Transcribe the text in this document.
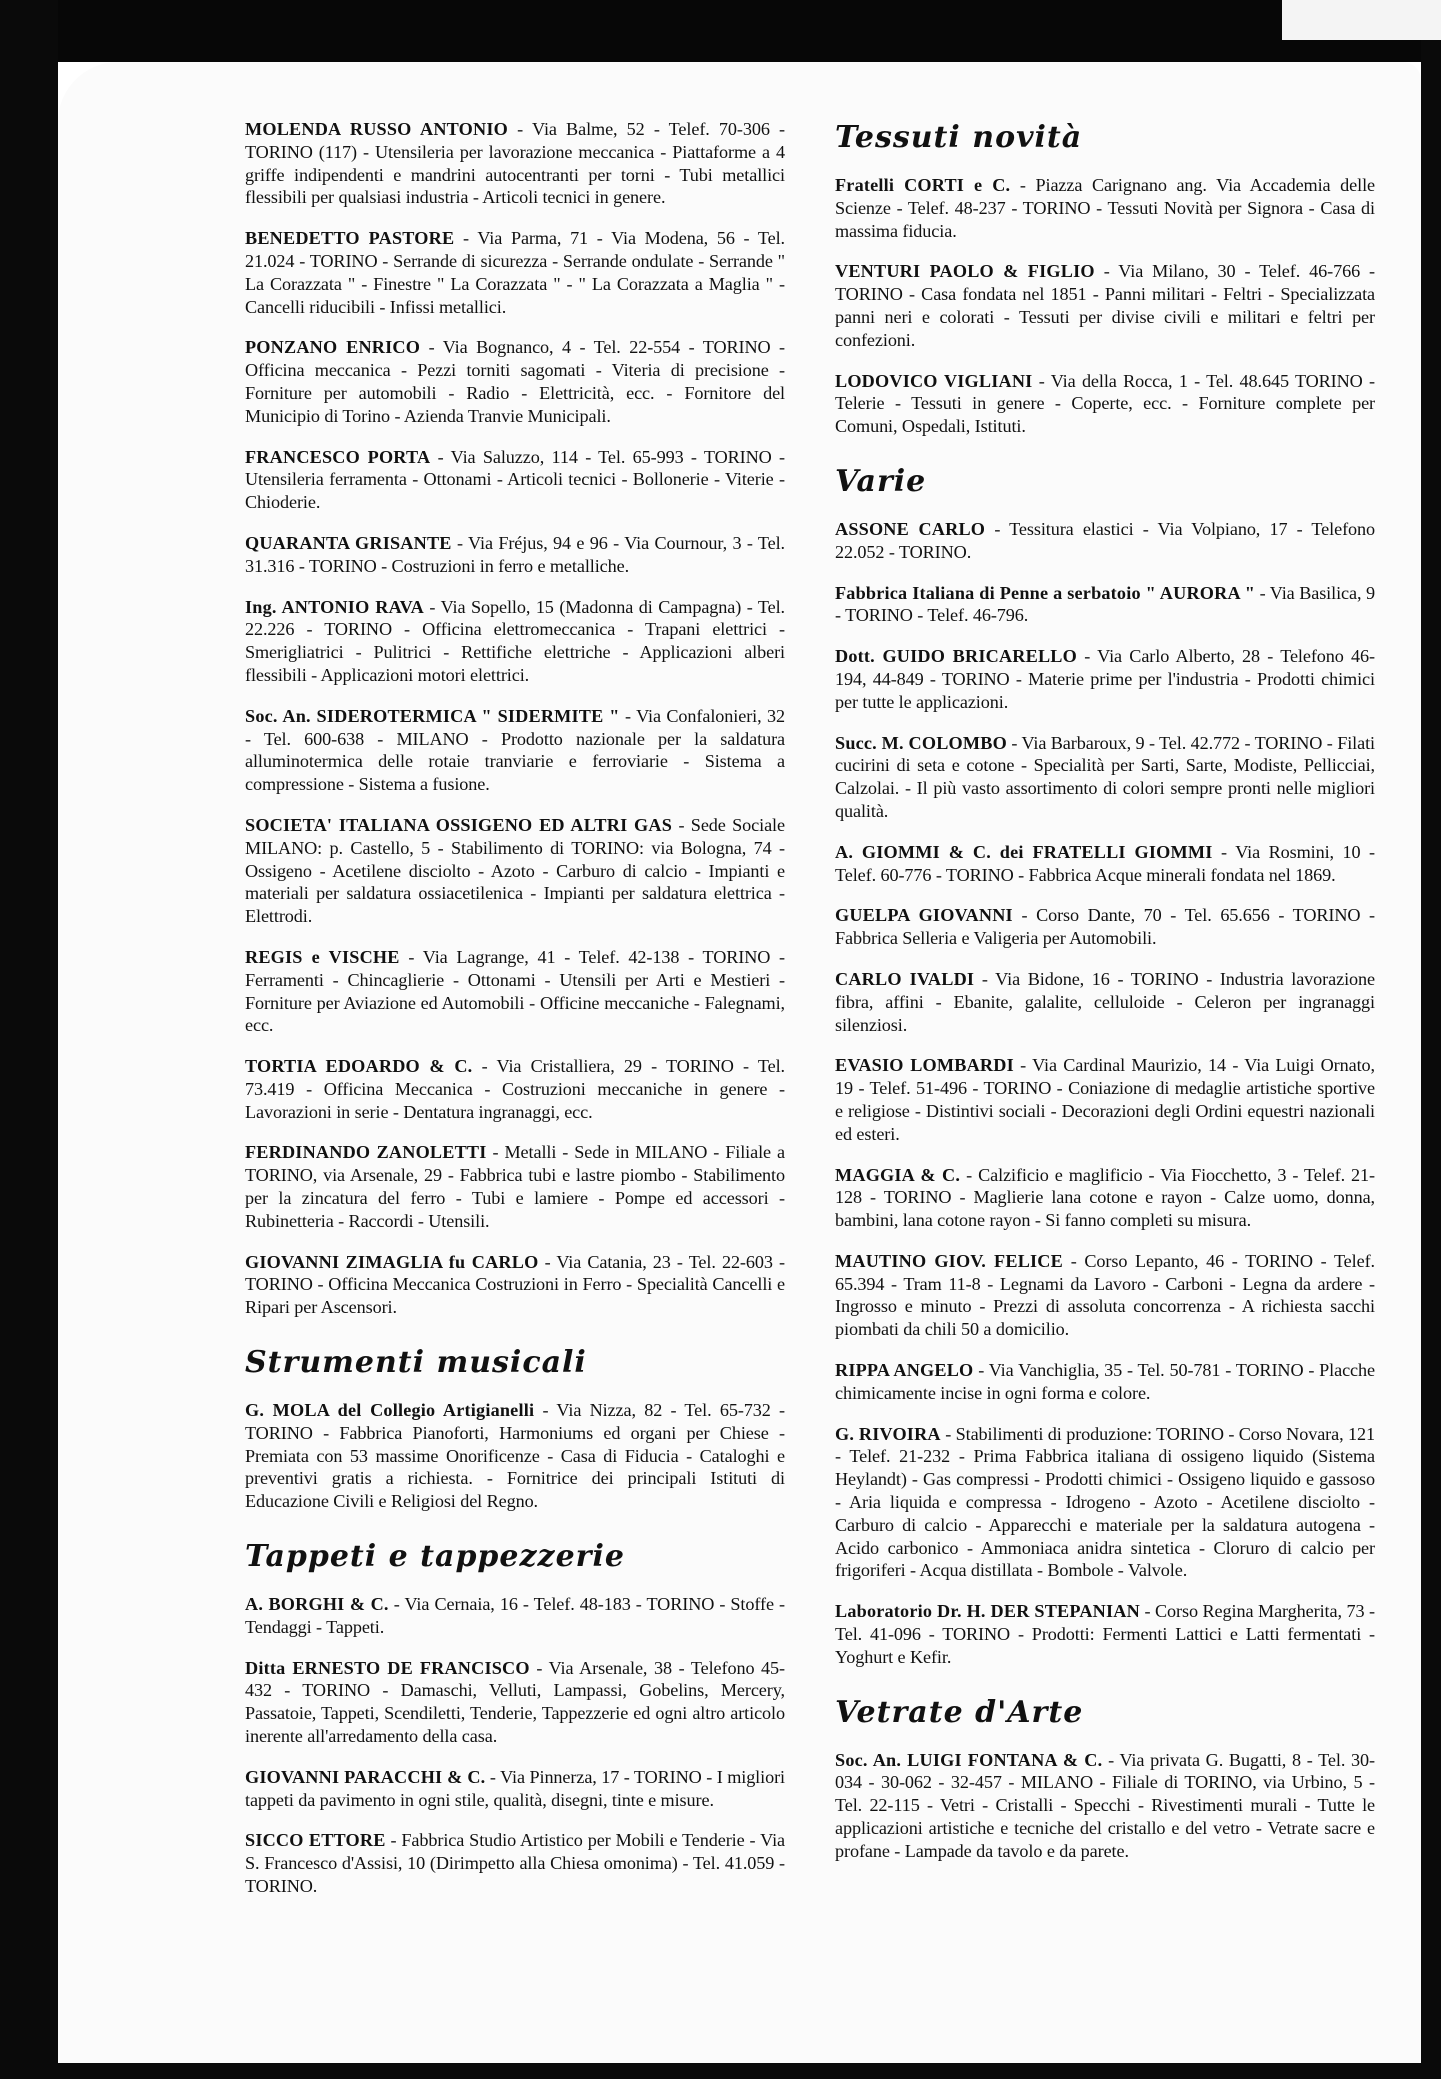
MOLENDA RUSSO ANTONIO - Via Balme, 52 - Telef. 70-306 - TORINO (117) - Utensileria per lavorazione meccanica - Piattaforme a 4 griffe indipendenti e mandrini autocentranti per torni - Tubi metallici flessibili per qualsiasi industria - Articoli tecnici in genere.

BENEDETTO PASTORE - Via Parma, 71 - Via Modena, 56 - Tel. 21.024 - TORINO - Serrande di sicurezza - Serrande ondulate - Serrande " La Corazzata " - Finestre " La Corazzata " - " La Corazzata a Maglia " - Cancelli riducibili - Infissi metallici.

PONZANO ENRICO - Via Bognanco, 4 - Tel. 22-554 - TORINO - Officina meccanica - Pezzi torniti sagomati - Viteria di precisione - Forniture per automobili - Radio - Elettricità, ecc. - Fornitore del Municipio di Torino - Azienda Tranvie Municipali.

FRANCESCO PORTA - Via Saluzzo, 114 - Tel. 65-993 - TORINO - Utensileria ferramenta - Ottonami - Articoli tecnici - Bollonerie - Viterie - Chioderie.

QUARANTA GRISANTE - Via Fréjus, 94 e 96 - Via Cournour, 3 - Tel. 31.316 - TORINO - Costruzioni in ferro e metalliche.

Ing. ANTONIO RAVA - Via Sopello, 15 (Madonna di Campagna) - Tel. 22.226 - TORINO - Officina elettromeccanica - Trapani elettrici - Smerigliatrici - Pulitrici - Rettifiche elettriche - Applicazioni alberi flessibili - Applicazioni motori elettrici.

Soc. An. SIDEROTERMICA " SIDERMITE " - Via Confalonieri, 32 - Tel. 600-638 - MILANO - Prodotto nazionale per la saldatura alluminotermica delle rotaie tranviarie e ferroviarie - Sistema a compressione - Sistema a fusione.

SOCIETA' ITALIANA OSSIGENO ED ALTRI GAS - Sede Sociale MILANO: p. Castello, 5 - Stabilimento di TORINO: via Bologna, 74 - Ossigeno - Acetilene disciolto - Azoto - Carburo di calcio - Impianti e materiali per saldatura ossiacetilenica - Impianti per saldatura elettrica - Elettrodi.

REGIS e VISCHE - Via Lagrange, 41 - Telef. 42-138 - TORINO - Ferramenti - Chincaglierie - Ottonami - Utensili per Arti e Mestieri - Forniture per Aviazione ed Automobili - Officine meccaniche - Falegnami, ecc.

TORTIA EDOARDO & C. - Via Cristalliera, 29 - TORINO - Tel. 73.419 - Officina Meccanica - Costruzioni meccaniche in genere - Lavorazioni in serie - Dentatura ingranaggi, ecc.

FERDINANDO ZANOLETTI - Metalli - Sede in MILANO - Filiale a TORINO, via Arsenale, 29 - Fabbrica tubi e lastre piombo - Stabilimento per la zincatura del ferro - Tubi e lamiere - Pompe ed accessori - Rubinetteria - Raccordi - Utensili.

GIOVANNI ZIMAGLIA fu CARLO - Via Catania, 23 - Tel. 22-603 - TORINO - Officina Meccanica Costruzioni in Ferro - Specialità Cancelli e Ripari per Ascensori.

Strumenti musicali

G. MOLA del Collegio Artigianelli - Via Nizza, 82 - Tel. 65-732 - TORINO - Fabbrica Pianoforti, Harmoniums ed organi per Chiese - Premiata con 53 massime Onorificenze - Casa di Fiducia - Cataloghi e preventivi gratis a richiesta. - Fornitrice dei principali Istituti di Educazione Civili e Religiosi del Regno.

Tappeti e tappezzerie

A. BORGHI & C. - Via Cernaia, 16 - Telef. 48-183 - TORINO - Stoffe - Tendaggi - Tappeti.

Ditta ERNESTO DE FRANCISCO - Via Arsenale, 38 - Telefono 45-432 - TORINO - Damaschi, Velluti, Lampassi, Gobelins, Mercery, Passatoie, Tappeti, Scendiletti, Tenderie, Tappezzerie ed ogni altro articolo inerente all'arredamento della casa.

GIOVANNI PARACCHI & C. - Via Pinnerza, 17 - TORINO - I migliori tappeti da pavimento in ogni stile, qualità, disegni, tinte e misure.

SICCO ETTORE - Fabbrica Studio Artistico per Mobili e Tenderie - Via S. Francesco d'Assisi, 10 (Dirimpetto alla Chiesa omonima) - Tel. 41.059 - TORINO.

Tessuti novità

Fratelli CORTI e C. - Piazza Carignano ang. Via Accademia delle Scienze - Telef. 48-237 - TORINO - Tessuti Novità per Signora - Casa di massima fiducia.

VENTURI PAOLO & FIGLIO - Via Milano, 30 - Telef. 46-766 - TORINO - Casa fondata nel 1851 - Panni militari - Feltri - Specializzata panni neri e colorati - Tessuti per divise civili e militari e feltri per confezioni.

LODOVICO VIGLIANI - Via della Rocca, 1 - Tel. 48.645 TORINO - Telerie - Tessuti in genere - Coperte, ecc. - Forniture complete per Comuni, Ospedali, Istituti.

Varie

ASSONE CARLO - Tessitura elastici - Via Volpiano, 17 - Telefono 22.052 - TORINO.

Fabbrica Italiana di Penne a serbatoio " AURORA " - Via Basilica, 9 - TORINO - Telef. 46-796.

Dott. GUIDO BRICARELLO - Via Carlo Alberto, 28 - Telefono 46-194, 44-849 - TORINO - Materie prime per l'industria - Prodotti chimici per tutte le applicazioni.

Succ. M. COLOMBO - Via Barbaroux, 9 - Tel. 42.772 - TORINO - Filati cucirini di seta e cotone - Specialità per Sarti, Sarte, Modiste, Pellicciai, Calzolai. - Il più vasto assortimento di colori sempre pronti nelle migliori qualità.

A. GIOMMI & C. dei FRATELLI GIOMMI - Via Rosmini, 10 - Telef. 60-776 - TORINO - Fabbrica Acque minerali fondata nel 1869.

GUELPA GIOVANNI - Corso Dante, 70 - Tel. 65.656 - TORINO - Fabbrica Selleria e Valigeria per Automobili.

CARLO IVALDI - Via Bidone, 16 - TORINO - Industria lavorazione fibra, affini - Ebanite, galalite, celluloide - Celeron per ingranaggi silenziosi.

EVASIO LOMBARDI - Via Cardinal Maurizio, 14 - Via Luigi Ornato, 19 - Telef. 51-496 - TORINO - Coniazione di medaglie artistiche sportive e religiose - Distintivi sociali - Decorazioni degli Ordini equestri nazionali ed esteri.

MAGGIA & C. - Calzificio e maglificio - Via Fiocchetto, 3 - Telef. 21-128 - TORINO - Maglierie lana cotone e rayon - Calze uomo, donna, bambini, lana cotone rayon - Si fanno completi su misura.

MAUTINO GIOV. FELICE - Corso Lepanto, 46 - TORINO - Telef. 65.394 - Tram 11-8 - Legnami da Lavoro - Carboni - Legna da ardere - Ingrosso e minuto - Prezzi di assoluta concorrenza - A richiesta sacchi piombati da chili 50 a domicilio.

RIPPA ANGELO - Via Vanchiglia, 35 - Tel. 50-781 - TORINO - Placche chimicamente incise in ogni forma e colore.

G. RIVOIRA - Stabilimenti di produzione: TORINO - Corso Novara, 121 - Telef. 21-232 - Prima Fabbrica italiana di ossigeno liquido (Sistema Heylandt) - Gas compressi - Prodotti chimici - Ossigeno liquido e gassoso - Aria liquida e compressa - Idrogeno - Azoto - Acetilene disciolto - Carburo di calcio - Apparecchi e materiale per la saldatura autogena - Acido carbonico - Ammoniaca anidra sintetica - Cloruro di calcio per frigoriferi - Acqua distillata - Bombole - Valvole.

Laboratorio Dr. H. DER STEPANIAN - Corso Regina Margherita, 73 - Tel. 41-096 - TORINO - Prodotti: Fermenti Lattici e Latti fermentati - Yoghurt e Kefir.

Vetrate d'Arte

Soc. An. LUIGI FONTANA & C. - Via privata G. Bugatti, 8 - Tel. 30-034 - 30-062 - 32-457 - MILANO - Filiale di TORINO, via Urbino, 5 - Tel. 22-115 - Vetri - Cristalli - Specchi - Rivestimenti murali - Tutte le applicazioni artistiche e tecniche del cristallo e del vetro - Vetrate sacre e profane - Lampade da tavolo e da parete.
